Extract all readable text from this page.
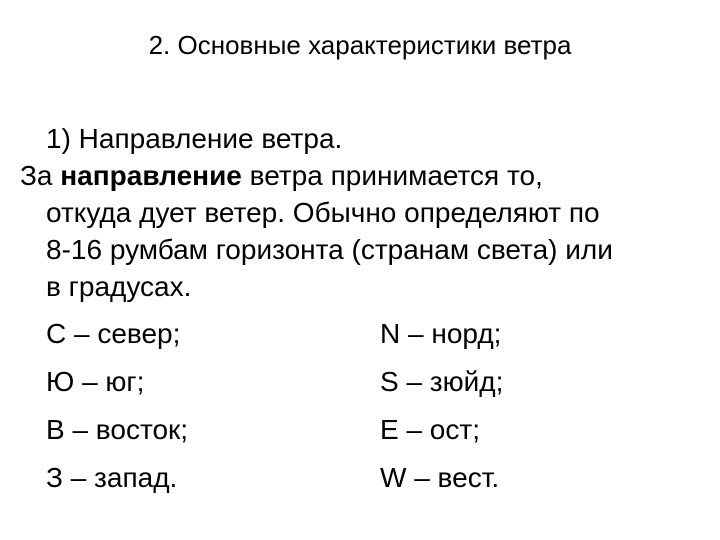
2. Основные характеристики ветра
1) Направление ветра.
За направление ветра принимается то,
откуда дует ветер. Обычно определяют по
8-16 румбам горизонта (странам света) или
в градусах.
С – север;	N – норд;
Ю – юг;	S – зюйд;
В – восток;	Е – ост;
З – запад.	W – вест.
